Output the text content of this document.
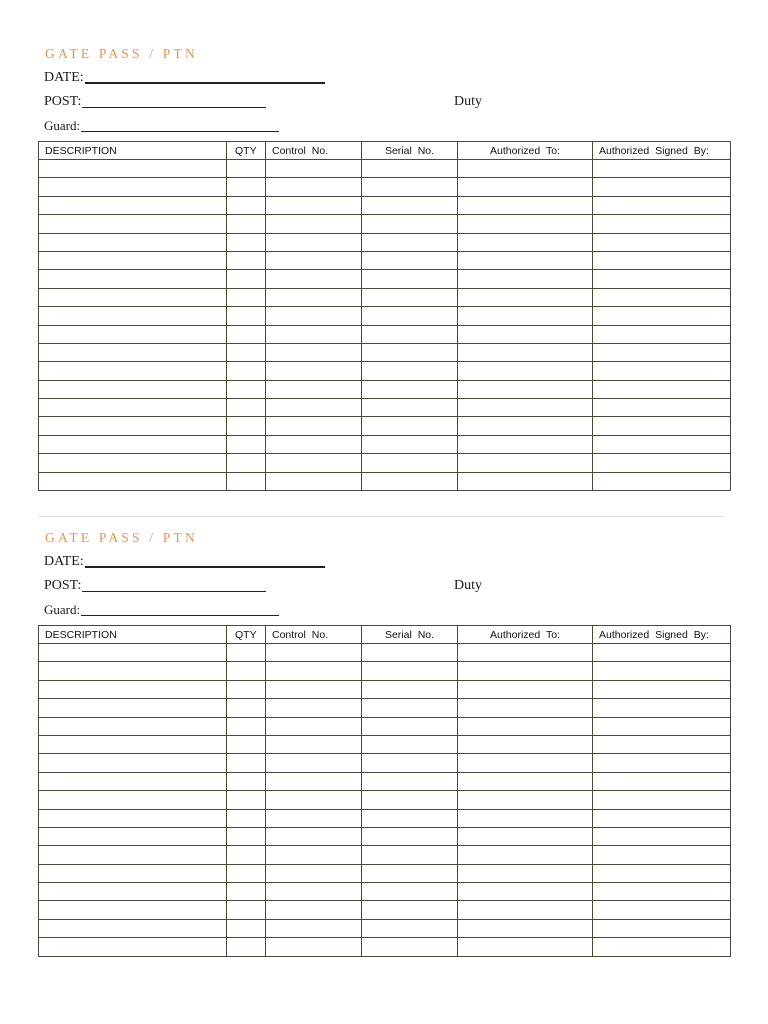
GATE PASS / PTN
DATE:
POST:	Duty
Guard:
DESCRIPTION	QTY	Control No.	Serial No.	Authorized To:	Authorized Signed By:

GATE PASS / PTN
DATE:
POST:	Duty
Guard:
DESCRIPTION	QTY	Control No.	Serial No.	Authorized To:	Authorized Signed By:
